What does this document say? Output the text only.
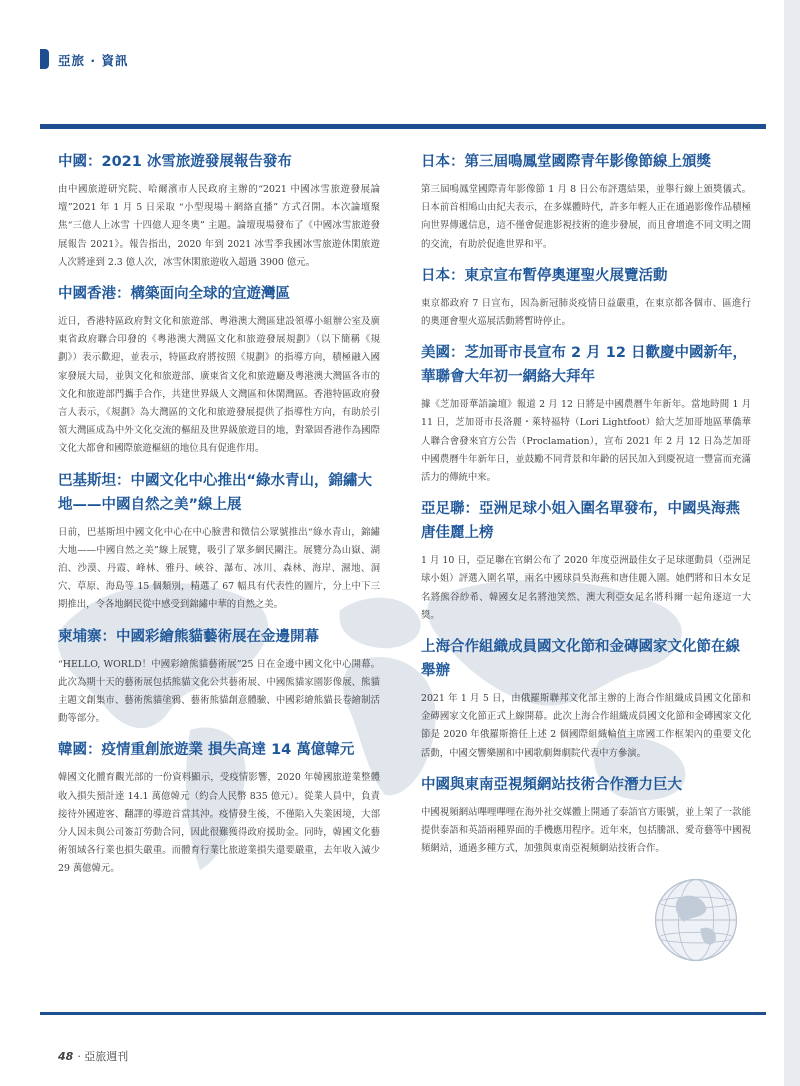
亞旅 · 資訊
中國：2021 冰雪旅遊發展報告發布

由中國旅遊研究院、哈爾濱市人民政府主辦的“2021 中國冰雪旅遊發展論壇”2021 年 1 月 5 日采取 “小型現場＋網絡直播” 方式召開。本次論壇聚焦“三億人上冰雪 十四億人迎冬奧” 主題。論壇現場發布了《中國冰雪旅遊發展報告 2021》。報告指出，2020 年到 2021 冰雪季我國冰雪旅遊休閑旅遊人次將達到 2.3 億人次，冰雪休閑旅遊收入超過 3900 億元。

中國香港：構築面向全球的宜遊灣區

近日，香港特區政府對文化和旅遊部、粵港澳大灣區建設領導小組辦公室及廣東省政府聯合印發的《粵港澳大灣區文化和旅遊發展規劃》（以下簡稱《規劃》）表示歡迎，並表示，特區政府將按照《規劃》的指導方向，積極融入國家發展大局，並與文化和旅遊部、廣東省文化和旅遊廳及粵港澳大灣區各市的文化和旅遊部門攜手合作，共建世界級人文灣區和休閑灣區。香港特區政府發言人表示，《規劃》為大灣區的文化和旅遊發展提供了指導性方向，有助於引領大灣區成為中外文化交流的樞紐及世界級旅遊目的地，對鞏固香港作為國際文化大都會和國際旅遊樞紐的地位具有促進作用。

巴基斯坦：中國文化中心推出“綠水青山，錦繡大地——中國自然之美”線上展

日前，巴基斯坦中國文化中心在中心臉書和微信公眾號推出“綠水青山，錦繡大地——中國自然之美”線上展覽，吸引了眾多網民關注。展覽分為山嶽、湖泊、沙漠、丹霞、峰林、雅丹、峽谷、瀑布、冰川、森林、海岸、濕地、洞穴、草原、海島等 15 個類別，精選了 67 幅具有代表性的圖片，分上中下三期推出，令各地網民從中感受到錦繡中華的自然之美。

柬埔寨：中國彩繪熊貓藝術展在金邊開幕

“HELLO, WORLD！中國彩繪熊貓藝術展”25 日在金邊中國文化中心開幕。此次為期十天的藝術展包括熊貓文化公共藝術展、中國熊貓家園影像展、熊貓主題文創集市、藝術熊貓塗鴉、藝術熊貓創意體驗、中國彩繪熊貓長卷繪制活動等部分。

韓國：疫情重創旅遊業 損失高達 14 萬億韓元

韓國文化體育觀光部的一份資料顯示，受疫情影響，2020 年韓國旅遊業整體收入損失預計達 14.1 萬億韓元（約合人民幣 835 億元）。從業人員中，負責接待外國遊客、翻譯的導遊首當其沖。疫情發生後，不僅陷入失業困境，大部分人因未與公司簽訂勞動合同，因此很難獲得政府援助金。同時，韓國文化藝術領域各行業也損失嚴重。而體育行業比旅遊業損失還要嚴重，去年收入減少 29 萬億韓元。

日本：第三屆鳴鳳堂國際青年影像節線上頒獎

第三屆鳴鳳堂國際青年影像節 1 月 8 日公布評選結果，並舉行線上頒獎儀式。日本前首相鳩山由紀夫表示，在多媒體時代，許多年輕人正在通過影像作品積極向世界傳遞信息，這不僅會促進影視技術的進步發展，而且會增進不同文明之間的交流，有助於促進世界和平。

日本：東京宣布暫停奧運聖火展覽活動

東京都政府 7 日宣布，因為新冠肺炎疫情日益嚴重，在東京都各個市、區進行的奧運會聖火巡展活動將暫時停止。

美國：芝加哥市長宣布 2 月 12 日歡慶中國新年，華聯會大年初一網絡大拜年

據《芝加哥華語論壇》報道 2 月 12 日將是中國農曆牛年新年。當地時間 1 月 11 日，芝加哥市長洛麗・萊特福特（Lori Lightfoot）給大芝加哥地區華僑華人聯合會發來官方公告（Proclamation），宣布 2021 年 2 月 12 日為芝加哥中國農曆牛年新年日，並鼓勵不同背景和年齡的居民加入到慶祝這一豐富而充滿活力的傳統中來。

亞足聯：亞洲足球小姐入圍名單發布，中國吳海燕唐佳麗上榜

1 月 10 日，亞足聯在官網公布了 2020 年度亞洲最佳女子足球運動員（亞洲足球小姐）評選入圍名單，兩名中國球員吳海燕和唐佳麗入圍。她們將和日本女足名將熊谷紗希、韓國女足名將池笑然、澳大利亞女足名將科爾一起角逐這一大獎。

上海合作組織成員國文化節和金磚國家文化節在線舉辦

2021 年 1 月 5 日，由俄羅斯聯邦文化部主辦的上海合作組織成員國文化節和金磚國家文化節正式上線開幕。此次上海合作組織成員國文化節和金磚國家文化節是 2020 年俄羅斯擔任上述 2 個國際組織輪值主席國工作框架內的重要文化活動，中國交響樂團和中國歌劇舞劇院代表中方參演。

中國與東南亞視頻網站技術合作潛力巨大

中國視頻網站嗶哩嗶哩在海外社交媒體上開通了泰語官方賬號，並上架了一款能提供泰語和英語兩種界面的手機應用程序。近年來，包括騰訊、愛奇藝等中國視頻網站，通過多種方式，加強與東南亞視頻網站技術合作。

48 · 亞旅週刊
